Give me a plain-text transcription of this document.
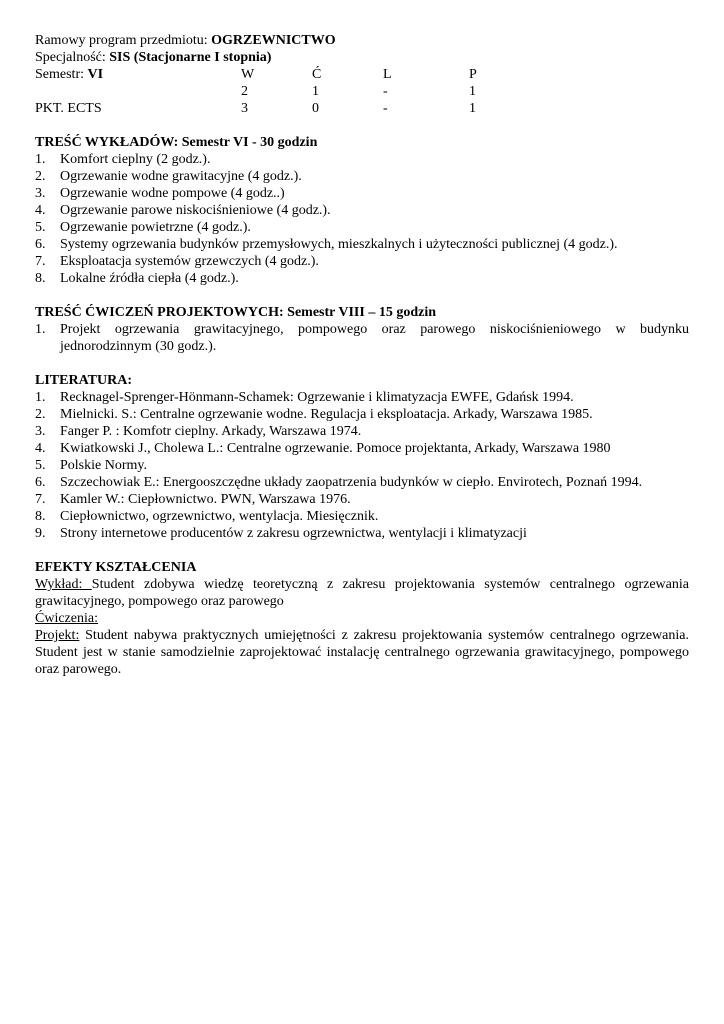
Ramowy program przedmiotu: OGRZEWNICTWO
Specjalność: SIS (Stacjonarne I stopnia)
Semestr: VI	W	Ć	L	P
	2	1	-	1
PKT. ECTS	3	0	-	1
TREŚĆ WYKŁADÓW: Semestr VI - 30 godzin
1. Komfort cieplny (2 godz.).
2. Ogrzewanie wodne grawitacyjne (4 godz.).
3. Ogrzewanie wodne pompowe (4 godz..)
4. Ogrzewanie parowe niskociśnieniowe (4 godz.).
5. Ogrzewanie powietrzne (4 godz.).
6. Systemy ogrzewania budynków przemysłowych, mieszkalnych i użyteczności publicznej (4 godz.).
7. Eksploatacja systemów grzewczych (4 godz.).
8. Lokalne źródła ciepła (4 godz.).
TREŚĆ ĆWICZEŃ PROJEKTOWYCH: Semestr VIII – 15 godzin
1. Projekt ogrzewania grawitacyjnego, pompowego oraz parowego niskociśnieniowego w budynku jednorodzinnym (30 godz.).
LITERATURA:
1. Recknagel-Sprenger-Hönmann-Schamek: Ogrzewanie i klimatyzacja EWFE, Gdańsk 1994.
2. Mielnicki. S.: Centralne ogrzewanie wodne. Regulacja i eksploatacja. Arkady, Warszawa 1985.
3. Fanger P. : Komfotr cieplny. Arkady, Warszawa 1974.
4. Kwiatkowski J., Cholewa L.: Centralne ogrzewanie. Pomoce projektanta, Arkady, Warszawa 1980
5. Polskie Normy.
6. Szczechowiak E.: Energooszczędne układy zaopatrzenia budynków w ciepło. Envirotech, Poznań 1994.
7. Kamler W.: Ciepłownictwo. PWN, Warszawa 1976.
8. Ciepłownictwo, ogrzewnictwo, wentylacja. Miesięcznik.
9. Strony internetowe producentów z zakresu ogrzewnictwa, wentylacji i klimatyzacji
EFEKTY KSZTAŁCENIA
Wykład: Student zdobywa wiedzę teoretyczną z zakresu projektowania systemów centralnego ogrzewania grawitacyjnego, pompowego oraz parowego
Ćwiczenia:
Projekt: Student nabywa praktycznych umiejętności z zakresu projektowania systemów centralnego ogrzewania. Student jest w stanie samodzielnie zaprojektować instalację centralnego ogrzewania grawitacyjnego, pompowego oraz parowego.
